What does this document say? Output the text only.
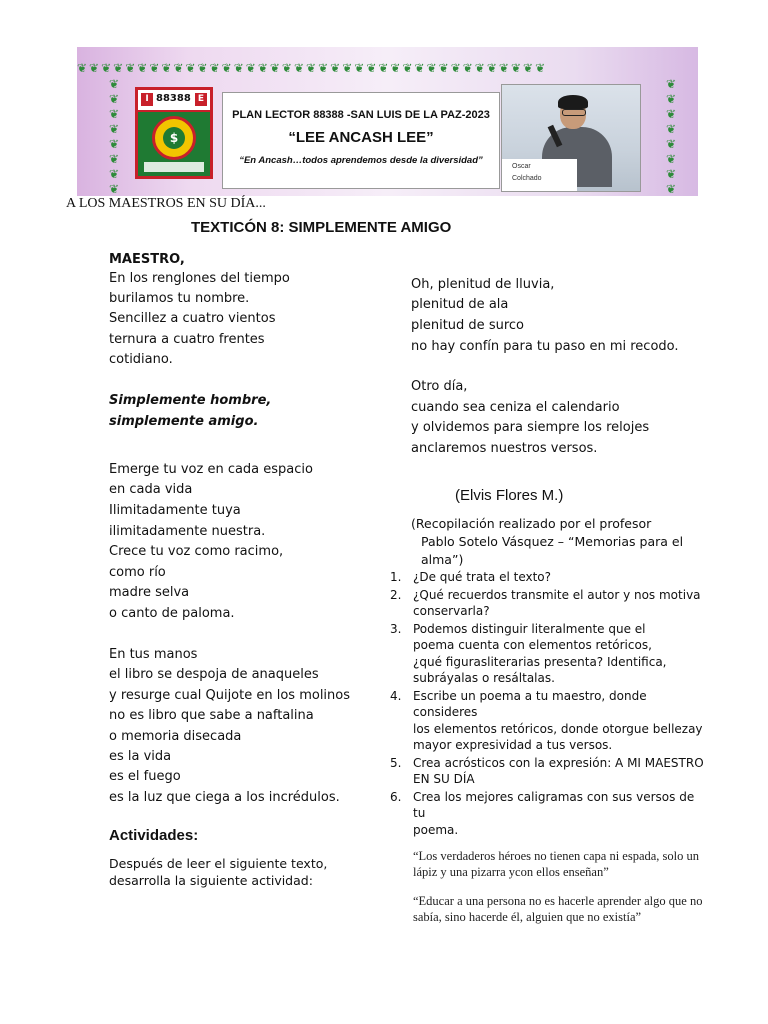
❦❦❦❦❦❦❦❦❦❦❦❦❦❦❦❦❦❦❦❦❦❦❦❦❦❦❦❦❦❦❦❦❦❦❦❦❦❦❦
❦
❦
❦
❦
❦
❦
❦
❦
❦
❦
❦
❦
❦
❦
❦
❦
I 88388 E
$
PLAN LECTOR 88388 -SAN LUIS DE LA PAZ-2023
“LEE ANCASH LEE”
“En Ancash…todos aprendemos desde la diversidad”
Oscar
Colchado
A LOS MAESTROS EN SU DÍA...
TEXTICÓN 8: SIMPLEMENTE AMIGO
MAESTRO,
En los renglones del tiempo
burilamos tu nombre.
Sencillez a cuatro vientos
ternura a cuatro frentes
cotidiano.
Simplemente hombre,
simplemente amigo.
Emerge tu voz en cada espacio
en cada vida
Ilimitadamente tuya
ilimitadamente nuestra.
Crece tu voz como racimo,
como río
madre selva
o canto de paloma.
En tus manos
el libro se despoja de anaqueles
y resurge cual Quijote en los molinos
no es libro que sabe a naftalina
o memoria disecada
es la vida
es el fuego
es la luz que ciega a los incrédulos.
Oh, plenitud de lluvia,
plenitud de ala
plenitud de surco
no hay confín para tu paso en mi recodo.
Otro día,
cuando sea ceniza el calendario
y olvidemos para siempre los relojes
anclaremos nuestros versos.
(Elvis Flores M.)
(Recopilación realizado por el profesor
Pablo Sotelo Vásquez – “Memorias para el
alma”)
1. ¿De qué trata el texto?
2. ¿Qué recuerdos transmite el autor y nos motiva
conservarla?
3. Podemos distinguir literalmente que el
poema cuenta con elementos retóricos,
¿qué figurasliterarias presenta? Identifica,
subráyalas o resáltalas.
4. Escribe un poema a tu maestro, donde consideres
los elementos retóricos, donde otorgue bellezay
mayor expresividad a tus versos.
5. Crea acrósticos con la expresión: A MI MAESTRO
EN SU DÍA
6. Crea los mejores caligramas con sus versos de tu
poema.
Actividades:
Después de leer el siguiente texto, desarrolla la siguiente actividad:
“Los verdaderos héroes no tienen capa ni espada, solo un lápiz y una pizarra ycon ellos enseñan”
“Educar a una persona no es hacerle aprender algo que no sabía, sino hacerde él, alguien que no existía”
